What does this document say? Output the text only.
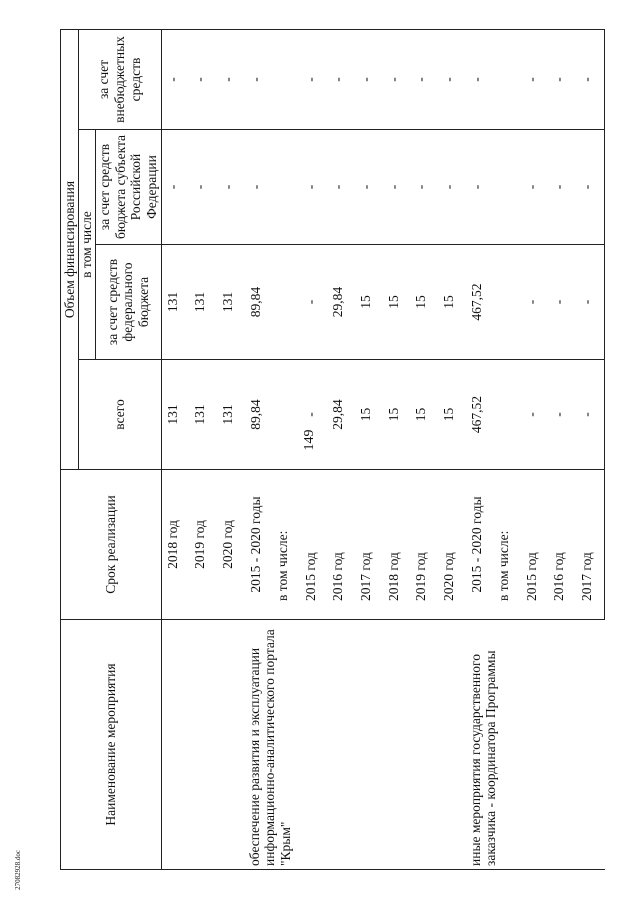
149
27082928.doc
Наименование мероприятия	Срок реализации	Объем финансирования			
		всего	в том числе		за счет внебюджетных средств
			за счет средств федерального бюджета	за счет средств бюджета субъекта Российской Федерации	
	2018 год	131	131	-	-
	2019 год	131	131	-	-
	2020 год	131	131	-	-
обеспечение развития и эксплуатации информационно-аналитического портала "Крым"	2015 - 2020 годы	89,84	89,84	-	-
	в том числе:				
	2015 год	-	-	-	-
	2016 год	29,84	29,84	-	-
	2017 год	15	15	-	-
	2018 год	15	15	-	-
	2019 год	15	15	-	-
	2020 год	15	15	-	-
иные мероприятия государственного заказчика - координатора Программы	2015 - 2020 годы	467,52	467,52	-	-
	в том числе:				
	2015 год	-	-	-	-
	2016 год	-	-	-	-
	2017 год	-	-	-	-
